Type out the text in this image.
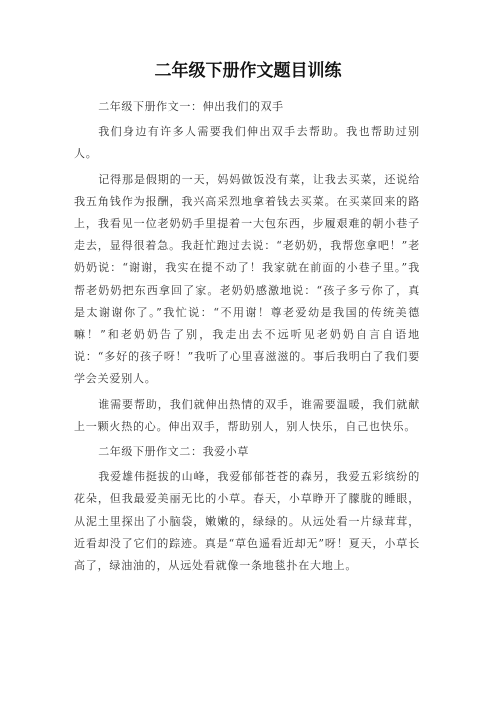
二年级下册作文题目训练

二年级下册作文一：伸出我们的双手

我们身边有许多人需要我们伸出双手去帮助。我也帮助过别人。

记得那是假期的一天，妈妈做饭没有菜，让我去买菜，还说给我五角钱作为报酬，我兴高采烈地拿着钱去买菜。在买菜回来的路上，我看见一位老奶奶手里提着一大包东西，步履艰难的朝小巷子走去，显得很着急。我赶忙跑过去说：“老奶奶，我帮您拿吧！”老奶奶说：“谢谢，我实在提不动了！我家就在前面的小巷子里。”我帮老奶奶把东西拿回了家。老奶奶感激地说：“孩子多亏你了，真是太谢谢你了。”我忙说：“不用谢！尊老爱幼是我国的传统美德嘛！”和老奶奶告了别，我走出去不远听见老奶奶自言自语地说：“多好的孩子呀！”我听了心里喜滋滋的。事后我明白了我们要学会关爱别人。

谁需要帮助，我们就伸出热情的双手，谁需要温暖，我们就献上一颗火热的心。伸出双手，帮助别人，别人快乐，自己也快乐。

二年级下册作文二：我爱小草

我爱雄伟挺拔的山峰，我爱郁郁苍苍的森另，我爱五彩缤纷的花朵，但我最爱美丽无比的小草。春天，小草睁开了朦胧的睡眼，从泥土里探出了小脑袋，嫩嫩的，绿绿的。从远处看一片绿茸茸，近看却没了它们的踪迹。真是“草色遥看近却无”呀！夏天，小草长高了，绿油油的，从远处看就像一条地毯扑在大地上。
